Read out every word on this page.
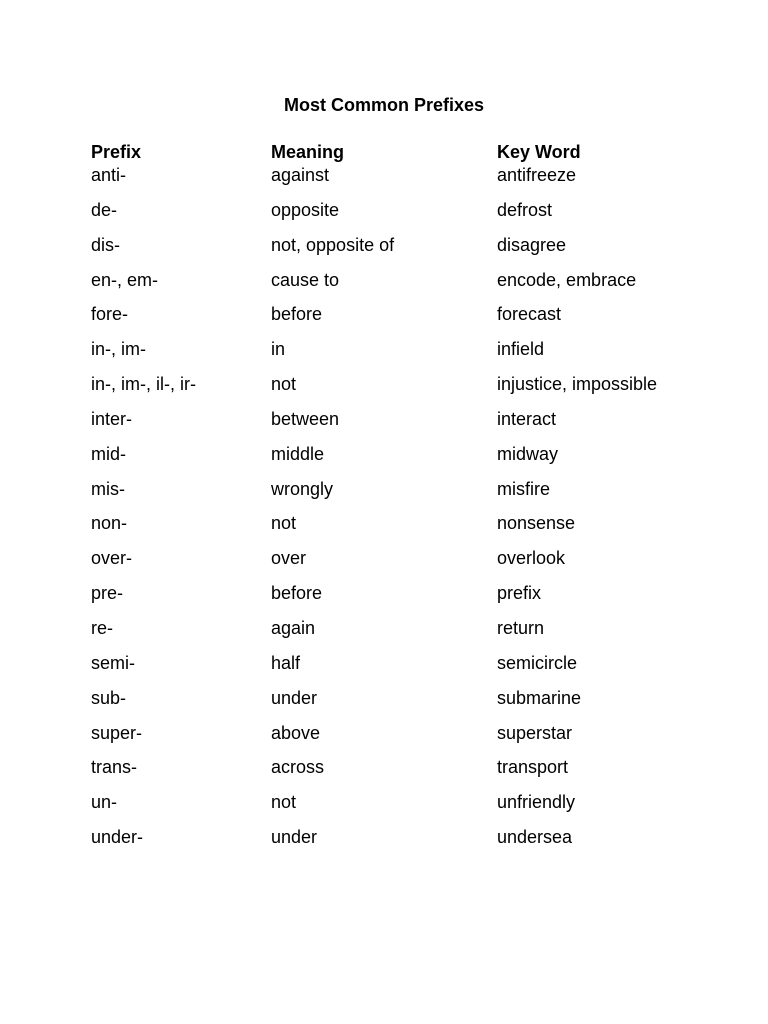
Most Common Prefixes
Prefix	Meaning	Key Word
anti-	against	antifreeze
de-	opposite	defrost
dis-	not, opposite of	disagree
en-, em-	cause to	encode, embrace
fore-	before	forecast
in-, im-	in	infield
in-, im-, il-, ir-	not	injustice, impossible
inter-	between	interact
mid-	middle	midway
mis-	wrongly	misfire
non-	not	nonsense
over-	over	overlook
pre-	before	prefix
re-	again	return
semi-	half	semicircle
sub-	under	submarine
super-	above	superstar
trans-	across	transport
un-	not	unfriendly
under-	under	undersea
